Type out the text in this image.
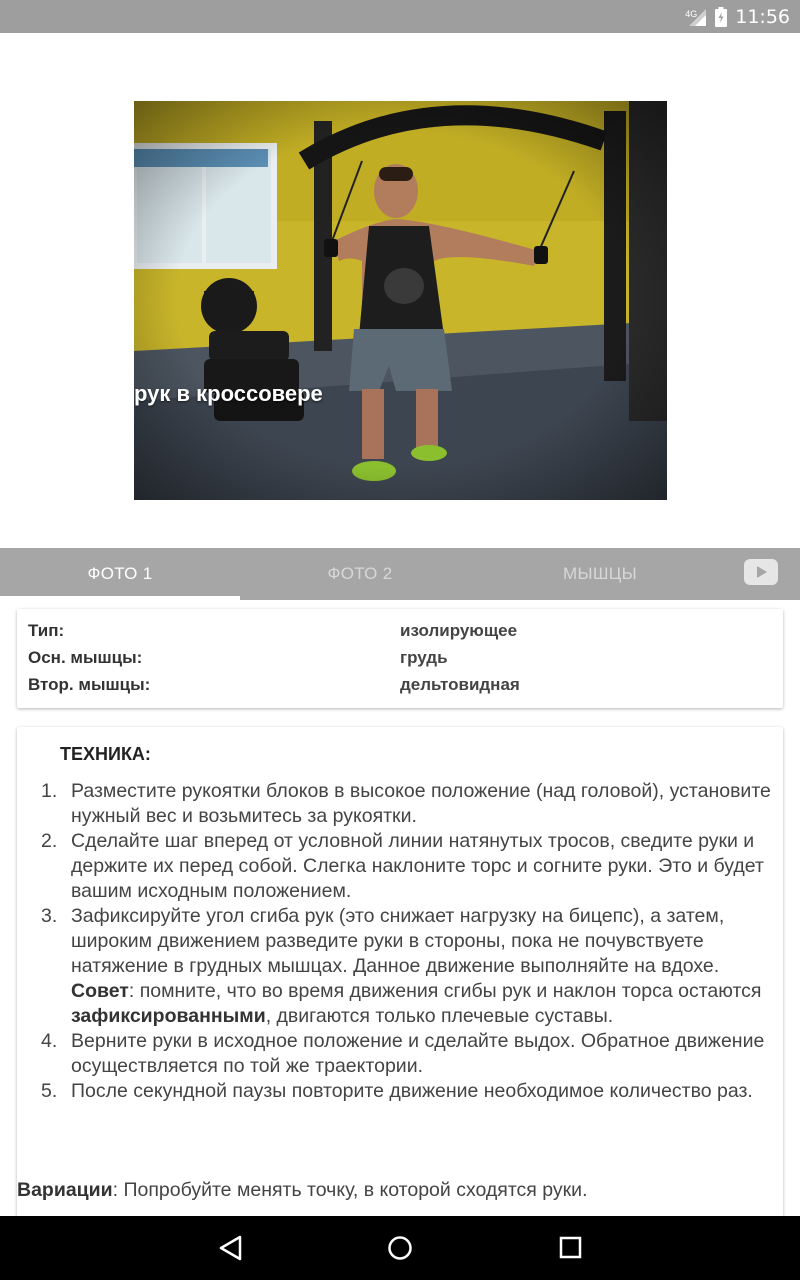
4G 11:56
рук в кроссовере
ФОТО 1	ФОТО 2	МЫШЦЫ
Тип:	изолирующее
Осн. мышцы:	грудь
Втор. мышцы:	дельтовидная
ТЕХНИКА:
1. Разместите рукоятки блоков в высокое положение (над головой), установите нужный вес и возьмитесь за рукоятки.
2. Сделайте шаг вперед от условной линии натянутых тросов, сведите руки и держите их перед собой. Слегка наклоните торс и согните руки. Это и будет вашим исходным положением.
3. Зафиксируйте угол сгиба рук (это снижает нагрузку на бицепс), а затем, широким движением разведите руки в стороны, пока не почувствуете натяжение в грудных мышцах. Данное движение выполняйте на вдохе. Совет: помните, что во время движения сгибы рук и наклон торса остаются зафиксированными, двигаются только плечевые суставы.
4. Верните руки в исходное положение и сделайте выдох. Обратное движение осуществляется по той же траектории.
5. После секундной паузы повторите движение необходимое количество раз.
Вариации: Попробуйте менять точку, в которой сходятся руки.
